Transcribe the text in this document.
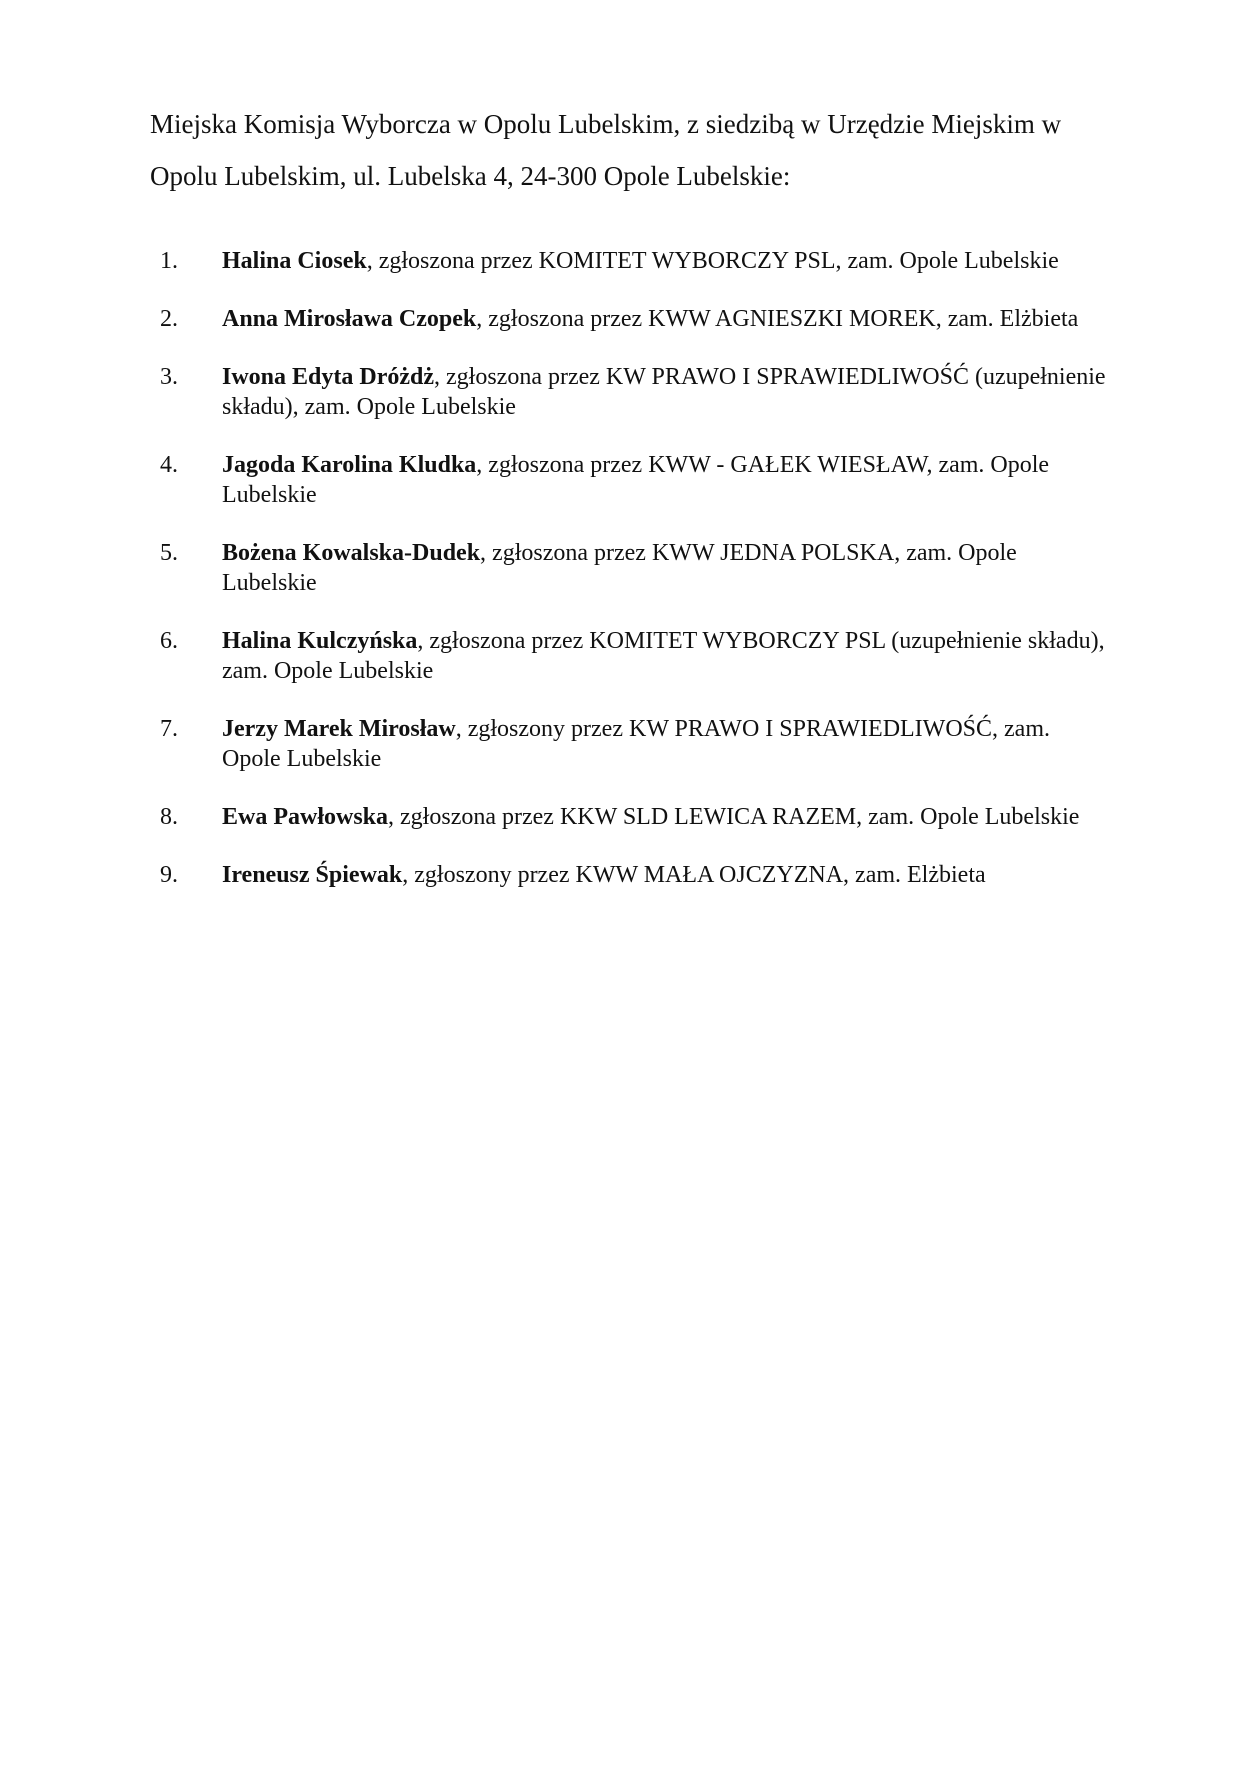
Miejska Komisja Wyborcza w Opolu Lubelskim, z siedzibą w Urzędzie Miejskim w Opolu Lubelskim, ul. Lubelska 4, 24-300 Opole Lubelskie:

1. Halina Ciosek, zgłoszona przez KOMITET WYBORCZY PSL, zam. Opole Lubelskie
2. Anna Mirosława Czopek, zgłoszona przez KWW AGNIESZKI MOREK, zam. Elżbieta
3. Iwona Edyta Dróżdż, zgłoszona przez KW PRAWO I SPRAWIEDLIWOŚĆ (uzupełnienie składu), zam. Opole Lubelskie
4. Jagoda Karolina Kludka, zgłoszona przez KWW - GAŁEK WIESŁAW, zam. Opole Lubelskie
5. Bożena Kowalska-Dudek, zgłoszona przez KWW JEDNA POLSKA, zam. Opole Lubelskie
6. Halina Kulczyńska, zgłoszona przez KOMITET WYBORCZY PSL (uzupełnienie składu), zam. Opole Lubelskie
7. Jerzy Marek Mirosław, zgłoszony przez KW PRAWO I SPRAWIEDLIWOŚĆ, zam. Opole Lubelskie
8. Ewa Pawłowska, zgłoszona przez KKW SLD LEWICA RAZEM, zam. Opole Lubelskie
9. Ireneusz Śpiewak, zgłoszony przez KWW MAŁA OJCZYZNA, zam. Elżbieta
